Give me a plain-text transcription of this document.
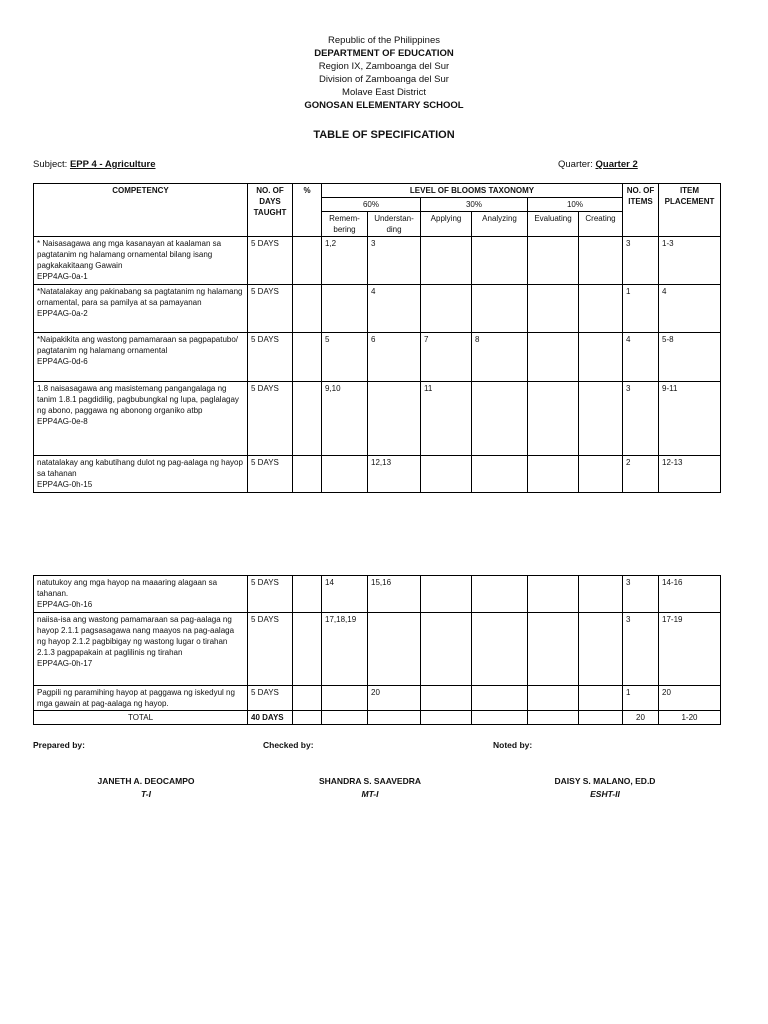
Republic of the Philippines
DEPARTMENT OF EDUCATION
Region IX, Zamboanga del Sur
Division of Zamboanga del Sur
Molave East District
GONOSAN ELEMENTARY SCHOOL
TABLE OF SPECIFICATION
Subject: EPP 4 - Agriculture	Quarter: Quarter 2
COMPETENCY	NO. OF DAYS TAUGHT	%	LEVEL OF BLOOMS TAXONOMY						NO. OF ITEMS	ITEM PLACEMENT
			60%		30%		10%			
			Remem-bering	Understan-ding	Applying	Analyzing	Evaluating	Creating		
* Naisasagawa ang mga kasanayan at kaalaman sa pagtatanim ng halamang ornamental bilang isang pagkakakitaang Gawain
EPP4AG-0a-1	5 DAYS		1,2	3					3	1-3
*Natatalakay ang pakinabang sa pagtatanim ng halamang ornamental, para sa pamilya at sa pamayanan
EPP4AG-0a-2	5 DAYS			4					1	4
*Naipakikita ang wastong pamamaraan sa pagpapatubo/ pagtatanim ng halamang ornamental
EPP4AG-0d-6	5 DAYS		5	6	7	8			4	5-8
1.8 naisasagawa ang masistemang pangangalaga ng tanim 1.8.1 pagdidilig, pagbubungkal ng lupa, paglalagay ng abono, paggawa ng abonong organiko atbp
EPP4AG-0e-8	5 DAYS		9,10		11				3	9-11
natatalakay ang kabutihang dulot ng pag-aalaga ng hayop sa tahanan
EPP4AG-0h-15	5 DAYS			12,13					2	12-13
natutukoy ang mga hayop na maaaring alagaan sa tahanan.
EPP4AG-0h-16	5 DAYS		14	15,16					3	14-16
naiisa-isa ang wastong pamamaraan sa pag-aalaga ng hayop 2.1.1 pagsasagawa nang maayos na pag-aalaga ng hayop 2.1.2 pagbibigay ng wastong lugar o tirahan 2.1.3 pagpapakain at paglilinis ng tirahan
EPP4AG-0h-17	5 DAYS		17,18,19						3	17-19
Pagpili ng paramihing hayop at paggawa ng iskedyul ng mga gawain at pag-aalaga ng hayop.	5 DAYS			20					1	20
TOTAL	40 DAYS								20	1-20
Prepared by:	Checked by:	Noted by:
JANETH A. DEOCAMPO
T-I
SHANDRA S. SAAVEDRA
MT-I
DAISY S. MALANO, ED.D
ESHT-II
